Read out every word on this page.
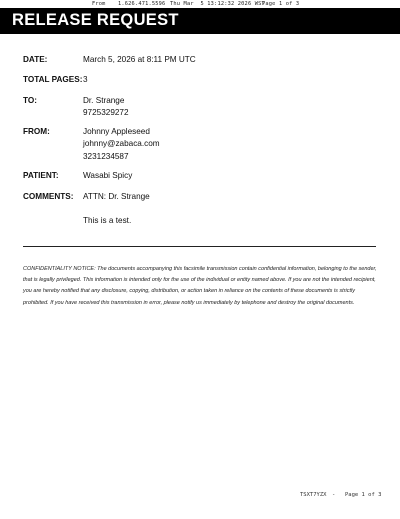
From 1.626.471.5596 Thu Mar  5 13:12:32 2026 WST
Page 1 of 3
RELEASE REQUEST
DATE:	March 5, 2026 at 8:11 PM UTC
TOTAL PAGES: 3
TO:	Dr. Strange
9725329272
FROM:	Johnny Appleseed
johnny@zabaca.com
3231234587
PATIENT:	Wasabi Spicy
COMMENTS: ATTN: Dr. Strange
This is a test.
CONFIDENTIALITY NOTICE: The documents accompanying this facsimile transmission contain confidential information, belonging to the sender, that is legally privileged. This information is intended only for the use of the individual or entity named above. If you are not the intended recipient, you are hereby notified that any disclosure, copying, distribution, or action taken in reliance on the contents of these documents is strictly prohibited. If you have received this transmission in error, please notify us immediately by telephone and destroy the original documents.
TSXT7YZX - Page 1 of 3
